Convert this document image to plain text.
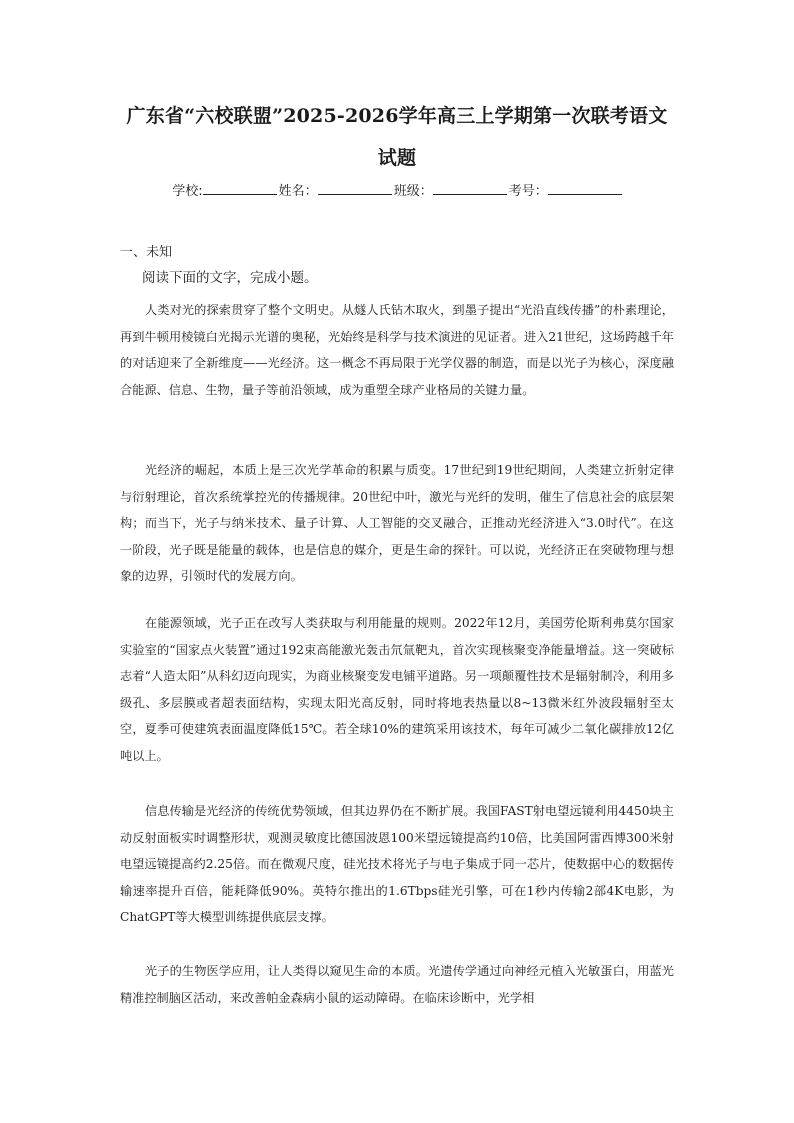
广东省“六校联盟”2025-2026学年高三上学期第一次联考语文
试题
学校:	姓名：	班级：	考号：
一、未知
阅读下面的文字，完成小题。

人类对光的探索贯穿了整个文明史。从燧人氏钻木取火，到墨子提出“光沿直线传播”的朴素理论，再到牛顿用棱镜白光揭示光谱的奥秘，光始终是科学与技术演进的见证者。进入21世纪，这场跨越千年的对话迎来了全新维度——光经济。这一概念不再局限于光学仪器的制造，而是以光子为核心，深度融合能源、信息、生物，量子等前沿领域，成为重塑全球产业格局的关键力量。

光经济的崛起，本质上是三次光学革命的积累与质变。17世纪到19世纪期间，人类建立折射定律与衍射理论，首次系统掌控光的传播规律。20世纪中叶，激光与光纤的发明，催生了信息社会的底层架构；而当下，光子与纳米技术、量子计算、人工智能的交叉融合，正推动光经济进入“3.0时代”。在这一阶段，光子既是能量的载体，也是信息的媒介，更是生命的探针。可以说，光经济正在突破物理与想象的边界，引领时代的发展方向。

在能源领域，光子正在改写人类获取与利用能量的规则。2022年12月，美国劳伦斯利弗莫尔国家实验室的“国家点火装置”通过192束高能激光轰击氘氚靶丸，首次实现核聚变净能量增益。这一突破标志着“人造太阳”从科幻迈向现实，为商业核聚变发电铺平道路。另一项颠覆性技术是辐射制冷，利用多级孔、多层膜或者超表面结构，实现太阳光高反射，同时将地表热量以8~13微米红外波段辐射至太空，夏季可使建筑表面温度降低15℃。若全球10%的建筑采用该技术，每年可减少二氧化碳排放12亿吨以上。

信息传输是光经济的传统优势领域，但其边界仍在不断扩展。我国FAST射电望远镜利用4450块主动反射面板实时调整形状，观测灵敏度比德国波恩100米望远镜提高约10倍，比美国阿雷西博300米射电望远镜提高约2.25倍。而在微观尺度，硅光技术将光子与电子集成于同一芯片，使数据中心的数据传输速率提升百倍，能耗降低90%。英特尔推出的1.6Tbps硅光引擎，可在1秒内传输2部4K电影，为ChatGPT等大模型训练提供底层支撑。

光子的生物医学应用，让人类得以窥见生命的本质。光遗传学通过向神经元植入光敏蛋白，用蓝光精准控制脑区活动，来改善帕金森病小鼠的运动障碍。在临床诊断中，光学相
